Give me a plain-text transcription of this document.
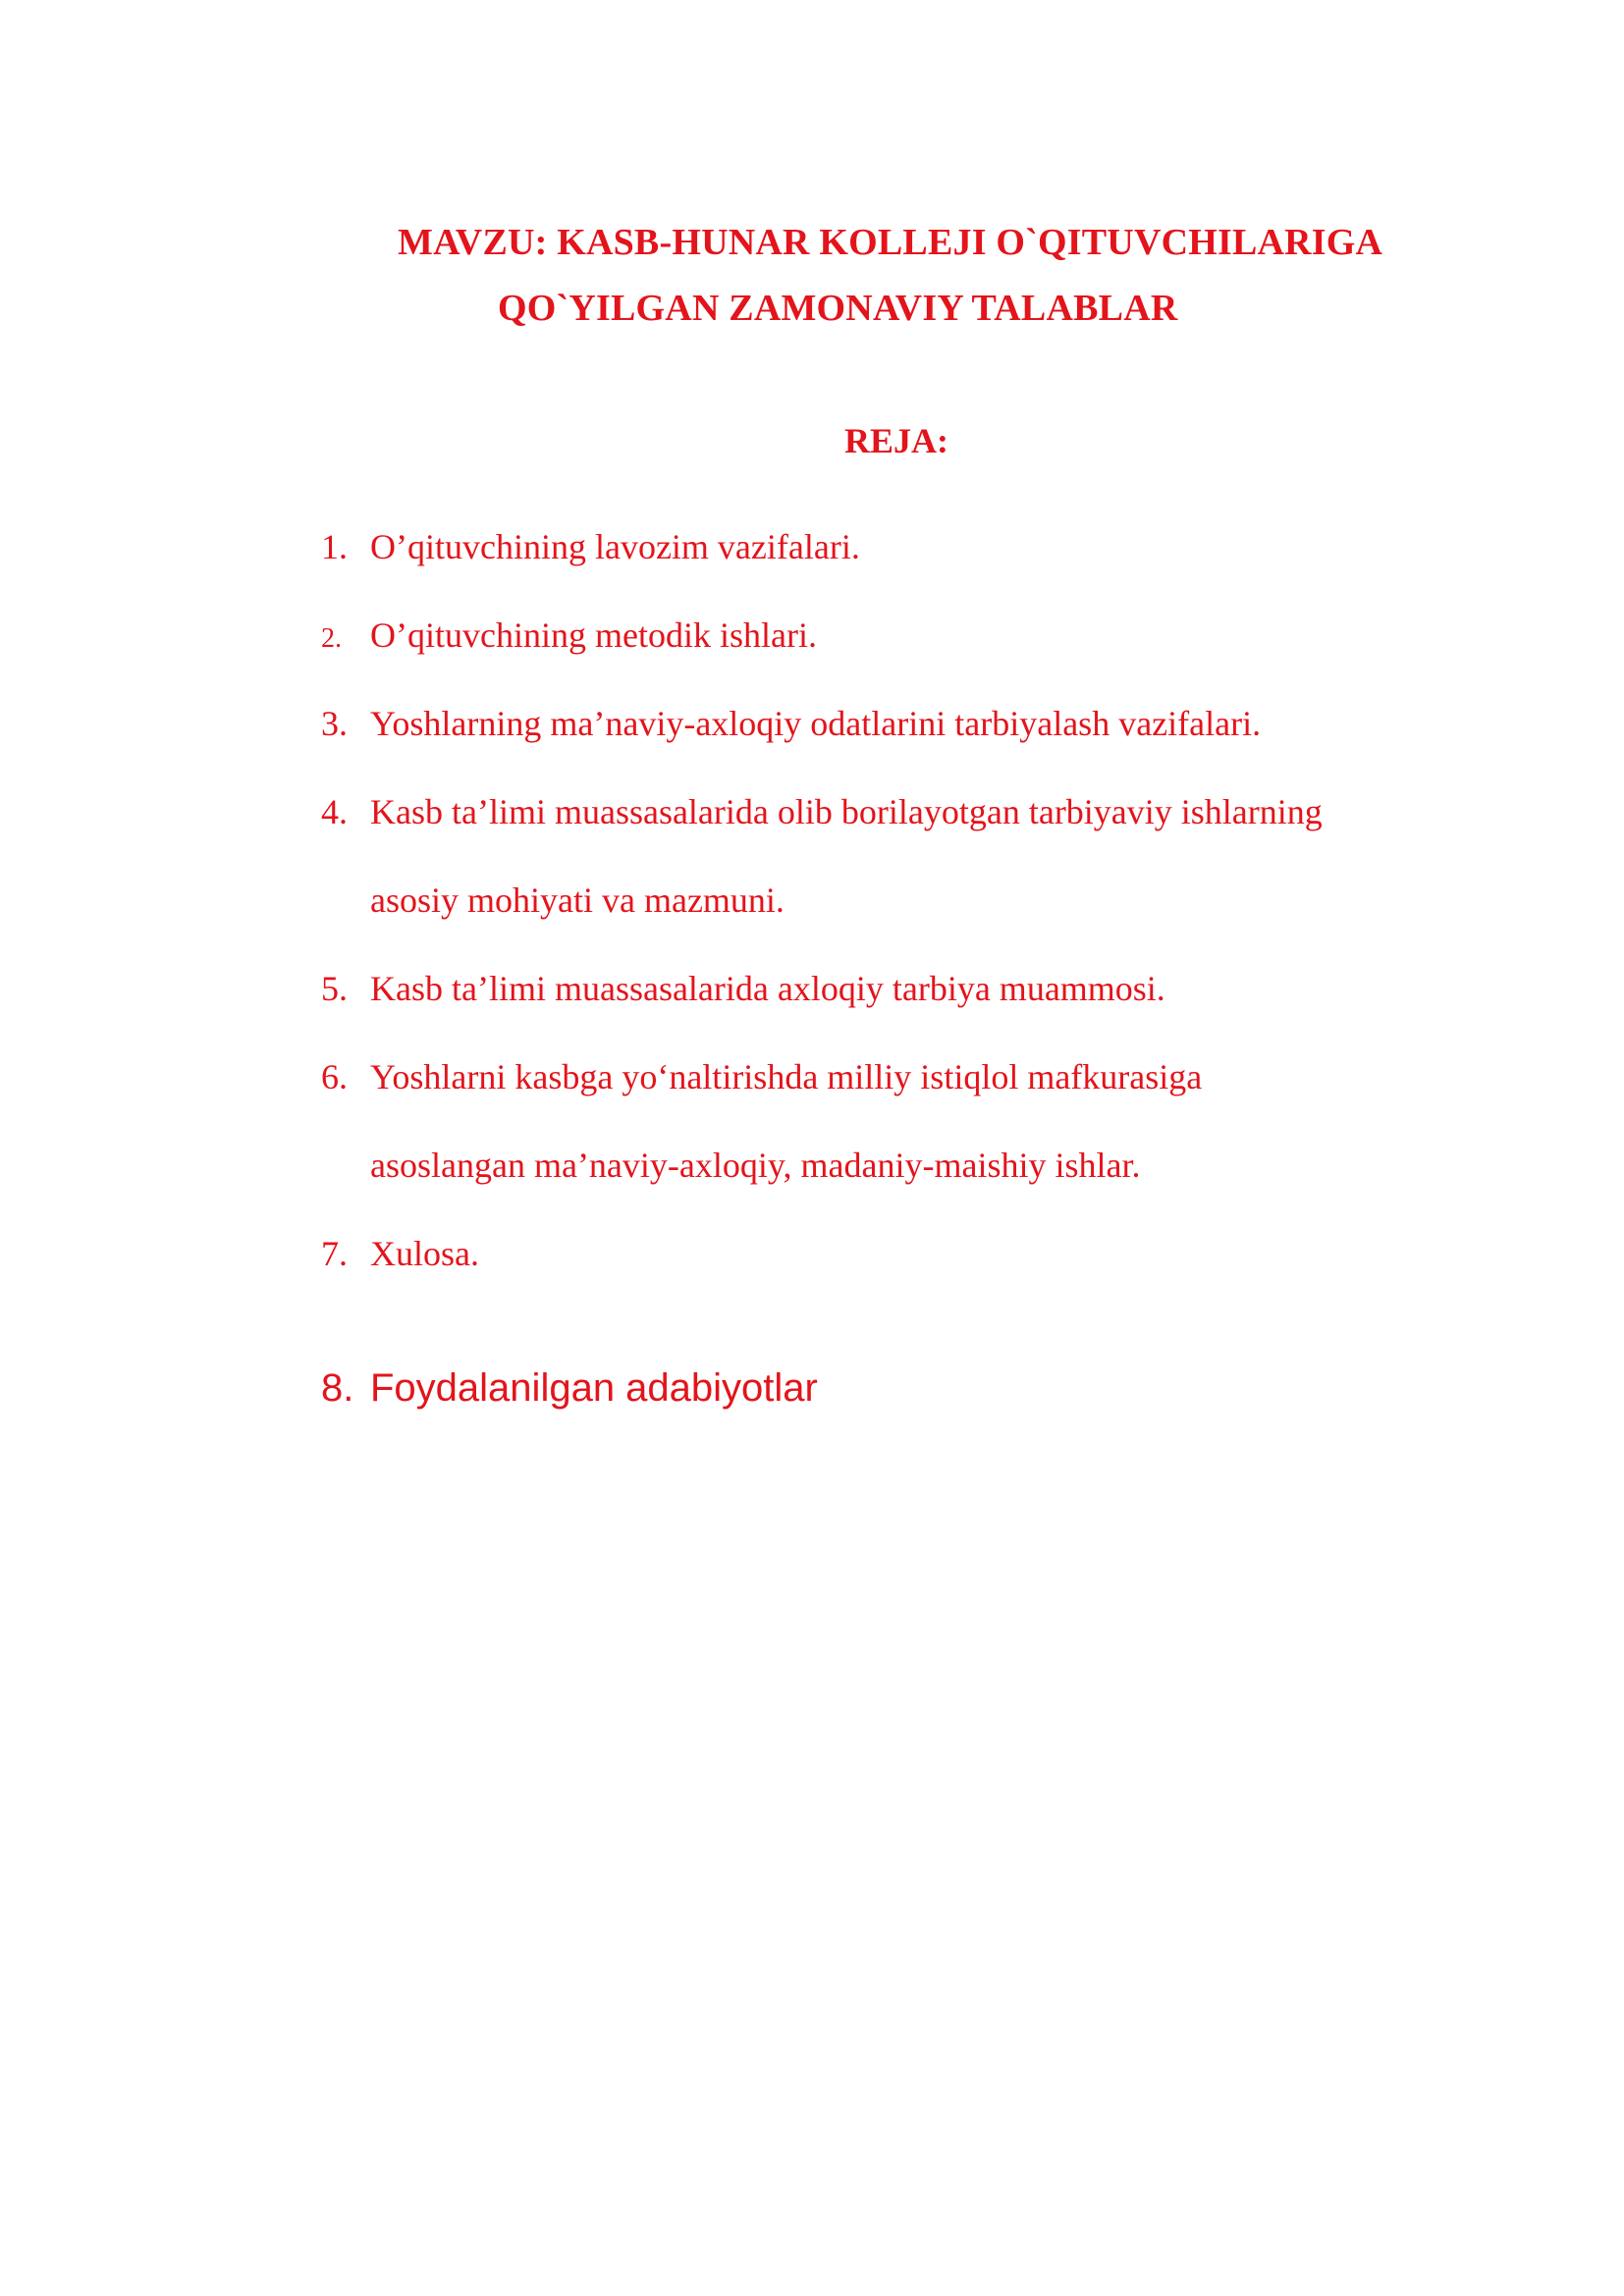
MAVZU: KASB-HUNAR KOLLEJI O`QITUVCHILARIGA
QO`YILGAN ZAMONAVIY TALABLAR
REJA:
1. O’qituvchining lavozim vazifalari.
2. O’qituvchining metodik ishlari.
3. Yoshlarning ma’naviy-axloqiy odatlarini tarbiyalash vazifalari.
4. Kasb ta’limi muassasalarida olib borilayotgan tarbiyaviy ishlarning
asosiy mohiyati va mazmuni.
5. Kasb ta’limi muassasalarida axloqiy tarbiya muammosi.
6. Yoshlarni kasbga yo‘naltirishda milliy istiqlol mafkurasiga
asoslangan ma’naviy-axloqiy, madaniy-maishiy ishlar.
7. Xulosa.
8. Foydalanilgan adabiyotlar
